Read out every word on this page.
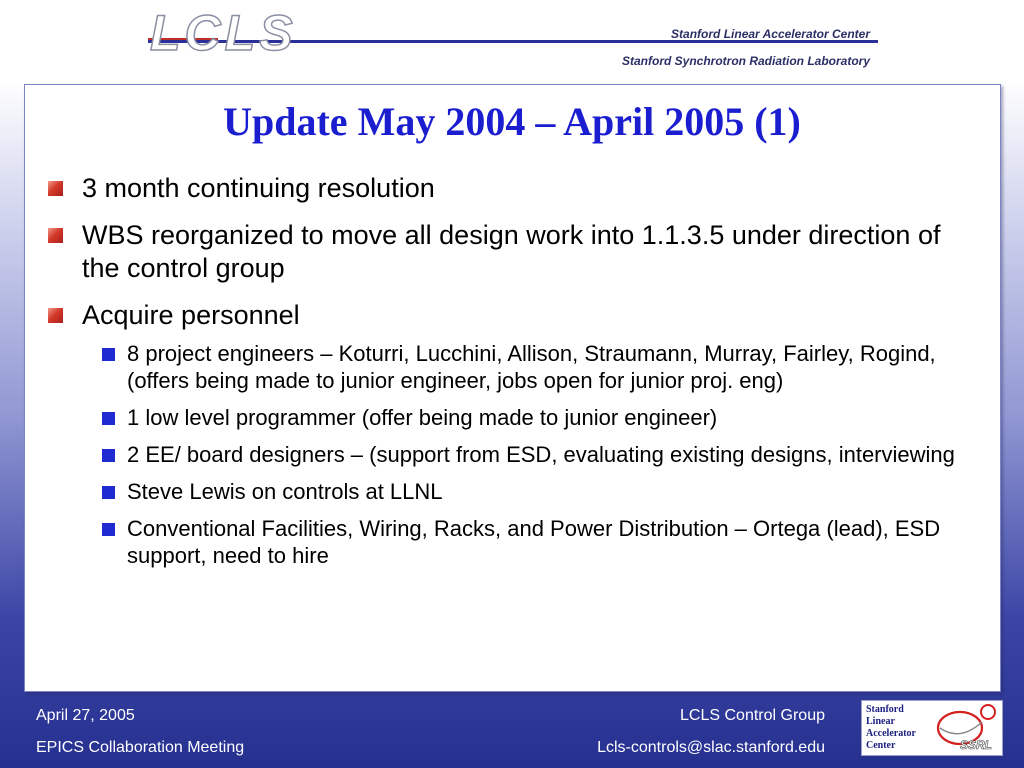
LCLS	Stanford Linear Accelerator Center
Stanford Synchrotron Radiation Laboratory
Update May 2004 – April 2005 (1)
3 month continuing resolution
WBS reorganized to move all design work into 1.1.3.5 under direction of the control group
Acquire personnel
8 project engineers – Koturri, Lucchini, Allison, Straumann, Murray, Fairley, Rogind, (offers being made to junior engineer, jobs open for junior proj. eng)
1 low level programmer (offer being made to junior engineer)
2 EE/ board designers – (support from ESD, evaluating existing designs, interviewing
Steve Lewis on controls at LLNL
Conventional Facilities, Wiring, Racks, and Power Distribution – Ortega (lead), ESD support, need to hire
April 27, 2005
EPICS Collaboration Meeting
LCLS Control Group
Lcls-controls@slac.stanford.edu
Stanford
Linear
Accelerator
Center	SSRL
